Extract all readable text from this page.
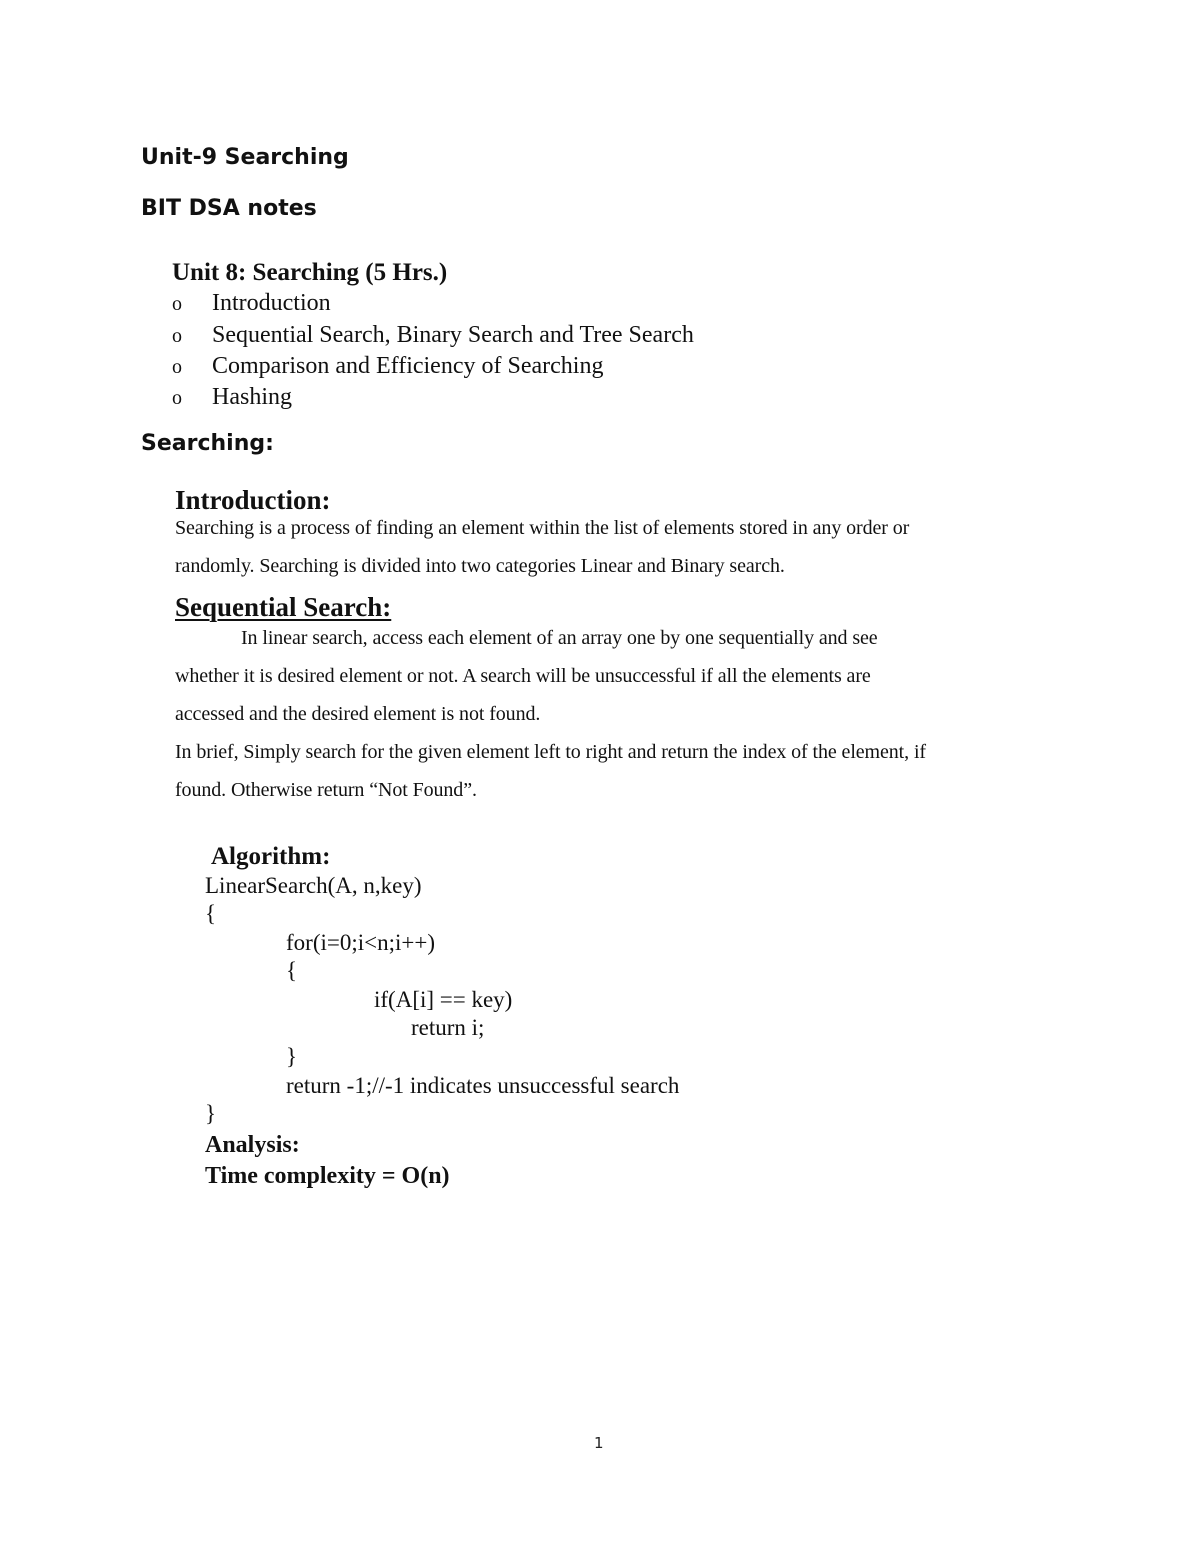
Unit-9 Searching
BIT DSA notes
Unit 8: Searching (5 Hrs.)
o Introduction
o Sequential Search, Binary Search and Tree Search
o Comparison and Efficiency of Searching
o Hashing
Searching:
Introduction:
Searching is a process of finding an element within the list of elements stored in any order or
randomly. Searching is divided into two categories Linear and Binary search.
Sequential Search:
In linear search, access each element of an array one by one sequentially and see
whether it is desired element or not. A search will be unsuccessful if all the elements are
accessed and the desired element is not found.
In brief, Simply search for the given element left to right and return the index of the element, if
found. Otherwise return “Not Found”.
Algorithm:
LinearSearch(A, n,key)
{
for(i=0;i<n;i++)
{
if(A[i] == key)
return i;
}
return -1;//-1 indicates unsuccessful search
}
Analysis:
Time complexity = O(n)
1
